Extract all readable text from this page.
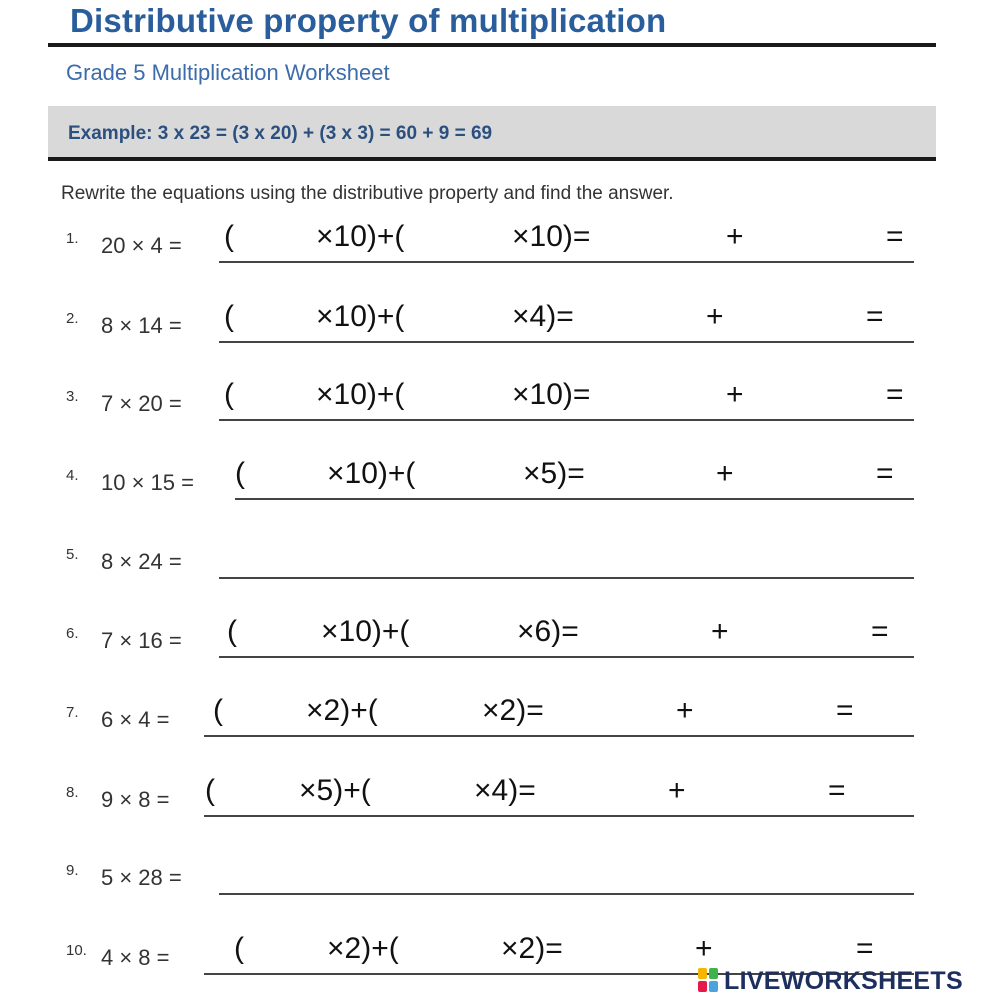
Distributive property of multiplication
Grade 5 Multiplication Worksheet
Example: 3 x 23 = (3 x 20) + (3 x 3) = 60 + 9 = 69
Rewrite the equations using the distributive property and find the answer.
1. 20 × 4 = (	×10)+(	×10)=	+	=
2. 8 × 14 = (	×10)+(	×4)=	+	=
3. 7 × 20 = (	×10)+(	×10)=	+	=
4. 10 × 15 = (	×10)+(	×5)=	+	=
5. 8 × 24 =
6. 7 × 16 = (	×10)+(	×6)=	+	=
7. 6 × 4 = (	×2)+(	×2)=	+	=
8. 9 × 8 = (	×5)+(	×4)=	+	=
9. 5 × 28 =
10. 4 × 8 = (	×2)+(	×2)=	+	=
LIVEWORKSHEETS
